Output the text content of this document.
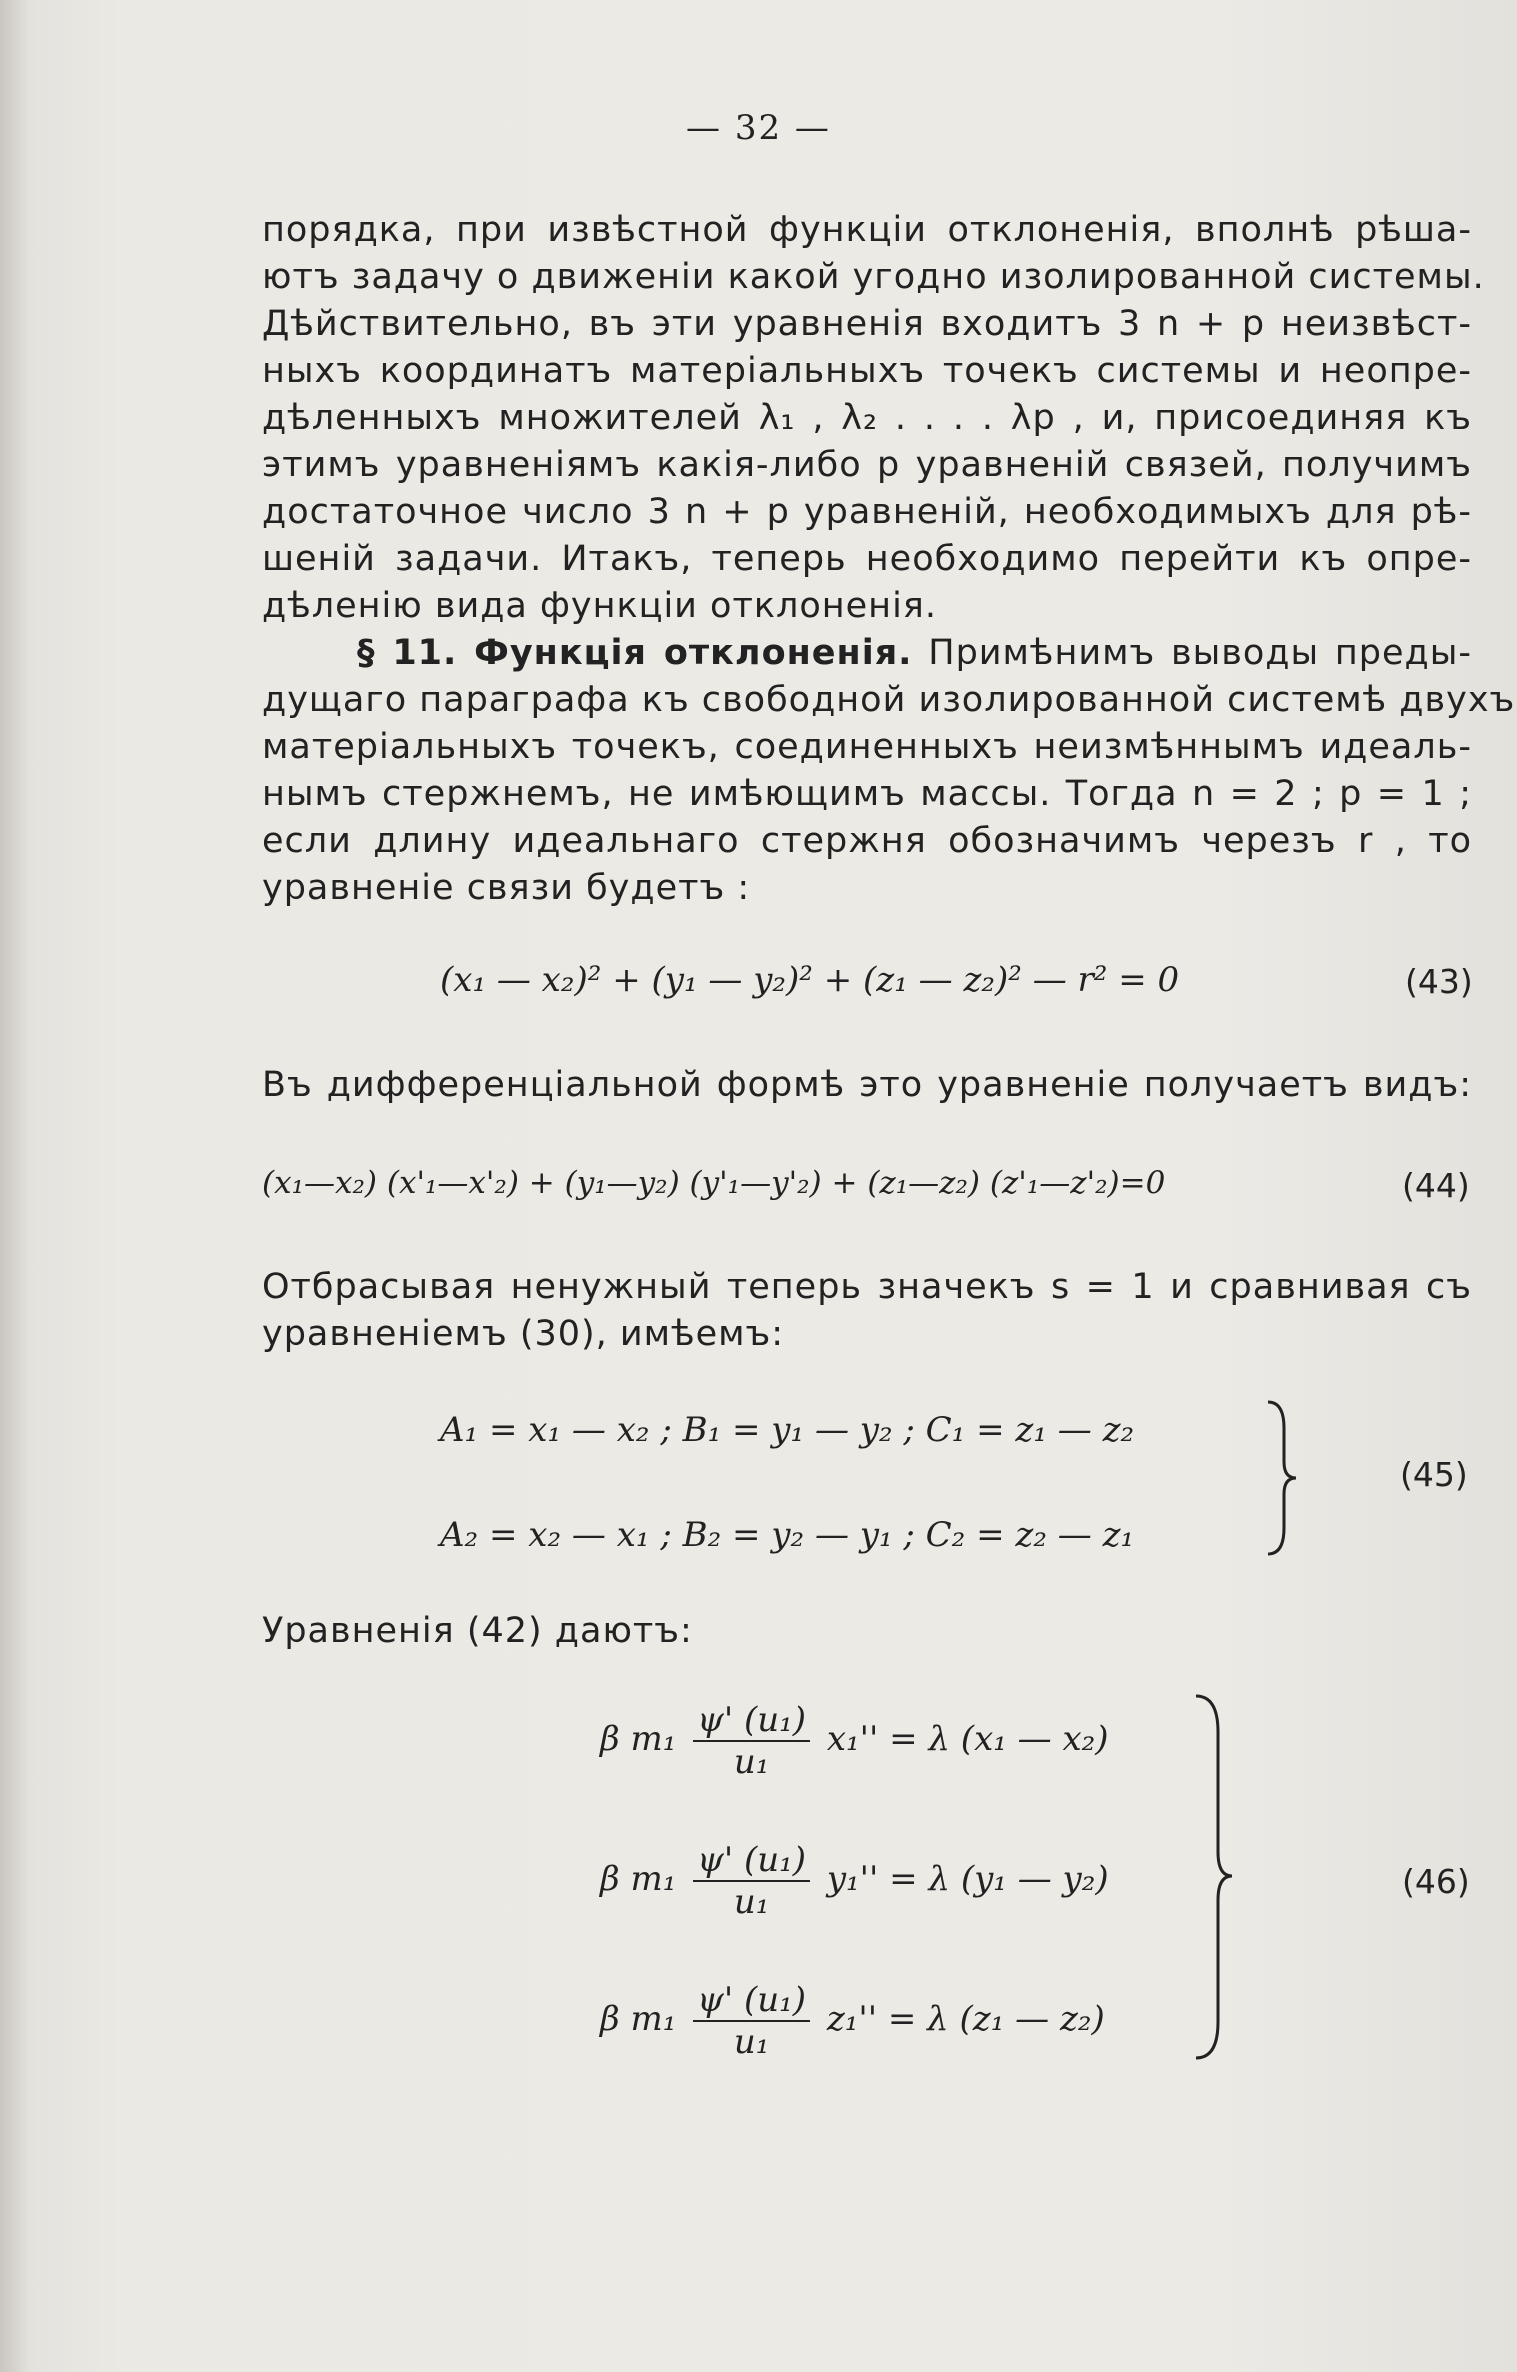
— 32 —
порядка, при извѣстной функціи отклоненія, вполнѣ рѣша-
ютъ задачу о движеніи какой угодно изолированной системы.
Дѣйствительно, въ эти уравненія входитъ 3 n + p неизвѣст-
ныхъ координатъ матеріальныхъ точекъ системы и неопре-
дѣленныхъ множителей λ₁ , λ₂ . . . . λp , и, присоединяя къ
этимъ уравненіямъ какія-либо p уравненій связей, получимъ
достаточное число 3 n + p уравненій, необходимыхъ для рѣ-
шеній задачи. Итакъ, теперь необходимо перейти къ опре-
дѣленію вида функціи отклоненія.
§ 11. Функція отклоненія. Примѣнимъ выводы преды-
дущаго параграфа къ свободной изолированной системѣ двухъ
матеріальныхъ точекъ, соединенныхъ неизмѣннымъ идеаль-
нымъ стержнемъ, не имѣющимъ массы. Тогда n = 2 ; p = 1 ;
если длину идеальнаго стержня обозначимъ черезъ r , то
уравненіе связи будетъ :
(x₁ — x₂)² + (y₁ — y₂)² + (z₁ — z₂)² — r² = 0	(43)
Въ дифференціальной формѣ это уравненіе получаетъ видъ:
(x₁—x₂) (x'₁—x'₂) + (y₁—y₂) (y'₁—y'₂) + (z₁—z₂) (z'₁—z'₂)=0	(44)
Отбрасывая ненужный теперь значекъ s = 1 и сравнивая съ
уравненіемъ (30), имѣемъ:
A₁ = x₁ — x₂ ; B₁ = y₁ — y₂ ; C₁ = z₁ — z₂
A₂ = x₂ — x₁ ; B₂ = y₂ — y₁ ; C₂ = z₂ — z₁
(45)
Уравненія (42) даютъ:
β $m_1 \frac{\text{ψ' (u₁)}}{\text{u₁}} x_1'' = \lambda$ (x₁ — x₂)
β $m_1 \frac{\text{ψ' (u₁)}}{\text{u₁}} y_1'' = \lambda$ (y₁ — y₂)
β $m_1 \frac{\text{ψ' (u₁)}}{\text{u₁}} z_1'' = \lambda$ (z₁ — z₂)
(46)
